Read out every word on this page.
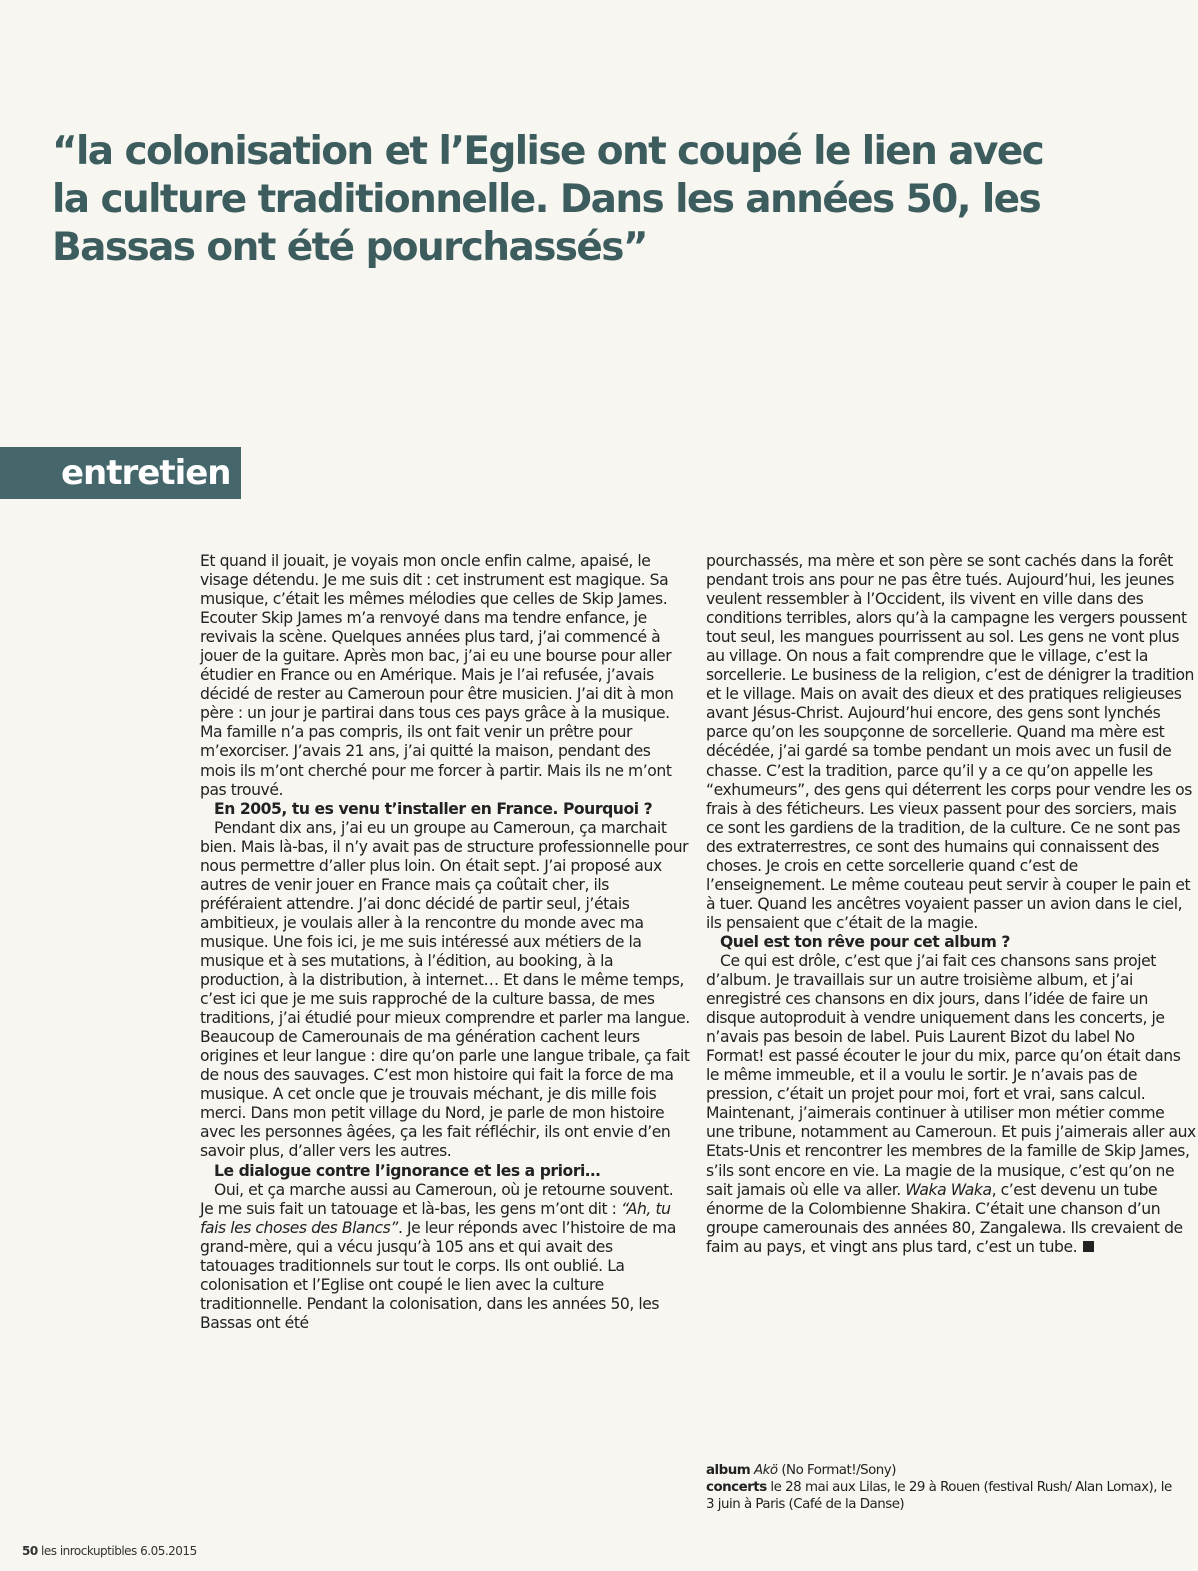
“la colonisation et l’Eglise ont coupé le lien avec la culture traditionnelle. Dans les années 50, les Bassas ont été pourchassés”
entretien

Et quand il jouait, je voyais mon oncle enfin calme, apaisé, le visage détendu. Je me suis dit : cet instrument est magique. Sa musique, c’était les mêmes mélodies que celles de Skip James. Ecouter Skip James m’a renvoyé dans ma tendre enfance, je revivais la scène. Quelques années plus tard, j’ai commencé à jouer de la guitare. Après mon bac, j’ai eu une bourse pour aller étudier en France ou en Amérique. Mais je l’ai refusée, j’avais décidé de rester au Cameroun pour être musicien. J’ai dit à mon père : un jour je partirai dans tous ces pays grâce à la musique. Ma famille n’a pas compris, ils ont fait venir un prêtre pour m’exorciser. J’avais 21 ans, j’ai quitté la maison, pendant des mois ils m’ont cherché pour me forcer à partir. Mais ils ne m’ont pas trouvé.

En 2005, tu es venu t’installer en France. Pourquoi ?

Pendant dix ans, j’ai eu un groupe au Cameroun, ça marchait bien. Mais là-bas, il n’y avait pas de structure professionnelle pour nous permettre d’aller plus loin. On était sept. J’ai proposé aux autres de venir jouer en France mais ça coûtait cher, ils préféraient attendre. J’ai donc décidé de partir seul, j’étais ambitieux, je voulais aller à la rencontre du monde avec ma musique. Une fois ici, je me suis intéressé aux métiers de la musique et à ses mutations, à l’édition, au booking, à la production, à la distribution, à internet… Et dans le même temps, c’est ici que je me suis rapproché de la culture bassa, de mes traditions, j’ai étudié pour mieux comprendre et parler ma langue. Beaucoup de Camerounais de ma génération cachent leurs origines et leur langue : dire qu’on parle une langue tribale, ça fait de nous des sauvages. C’est mon histoire qui fait la force de ma musique. A cet oncle que je trouvais méchant, je dis mille fois merci. Dans mon petit village du Nord, je parle de mon histoire avec les personnes âgées, ça les fait réfléchir, ils ont envie d’en savoir plus, d’aller vers les autres.

Le dialogue contre l’ignorance et les a priori…

Oui, et ça marche aussi au Cameroun, où je retourne souvent. Je me suis fait un tatouage et là-bas, les gens m’ont dit : “Ah, tu fais les choses des Blancs”. Je leur réponds avec l’histoire de ma grand-mère, qui a vécu jusqu’à 105 ans et qui avait des tatouages traditionnels sur tout le corps. Ils ont oublié. La colonisation et l’Eglise ont coupé le lien avec la culture traditionnelle. Pendant la colonisation, dans les années 50, les Bassas ont été

pourchassés, ma mère et son père se sont cachés dans la forêt pendant trois ans pour ne pas être tués. Aujourd’hui, les jeunes veulent ressembler à l’Occident, ils vivent en ville dans des conditions terribles, alors qu’à la campagne les vergers poussent tout seul, les mangues pourrissent au sol. Les gens ne vont plus au village. On nous a fait comprendre que le village, c’est la sorcellerie. Le business de la religion, c’est de dénigrer la tradition et le village. Mais on avait des dieux et des pratiques religieuses avant Jésus-Christ. Aujourd’hui encore, des gens sont lynchés parce qu’on les soupçonne de sorcellerie. Quand ma mère est décédée, j’ai gardé sa tombe pendant un mois avec un fusil de chasse. C’est la tradition, parce qu’il y a ce qu’on appelle les “exhumeurs”, des gens qui déterrent les corps pour vendre les os frais à des féticheurs. Les vieux passent pour des sorciers, mais ce sont les gardiens de la tradition, de la culture. Ce ne sont pas des extraterrestres, ce sont des humains qui connaissent des choses. Je crois en cette sorcellerie quand c’est de l’enseignement. Le même couteau peut servir à couper le pain et à tuer. Quand les ancêtres voyaient passer un avion dans le ciel, ils pensaient que c’était de la magie.

Quel est ton rêve pour cet album ?

Ce qui est drôle, c’est que j’ai fait ces chansons sans projet d’album. Je travaillais sur un autre troisième album, et j’ai enregistré ces chansons en dix jours, dans l’idée de faire un disque autoproduit à vendre uniquement dans les concerts, je n’avais pas besoin de label. Puis Laurent Bizot du label No Format! est passé écouter le jour du mix, parce qu’on était dans le même immeuble, et il a voulu le sortir. Je n’avais pas de pression, c’était un projet pour moi, fort et vrai, sans calcul. Maintenant, j’aimerais continuer à utiliser mon métier comme une tribune, notamment au Cameroun. Et puis j’aimerais aller aux Etats-Unis et rencontrer les membres de la famille de Skip James, s’ils sont encore en vie. La magie de la musique, c’est qu’on ne sait jamais où elle va aller. Waka Waka, c’est devenu un tube énorme de la Colombienne Shakira. C’était une chanson d’un groupe camerounais des années 80, Zangalewa. Ils crevaient de faim au pays, et vingt ans plus tard, c’est un tube.

album Akö (No Format!/Sony)
concerts le 28 mai aux Lilas, le 29 à Rouen (festival Rush/ Alan Lomax), le 3 juin à Paris (Café de la Danse)
50 les inrockuptibles 6.05.2015
